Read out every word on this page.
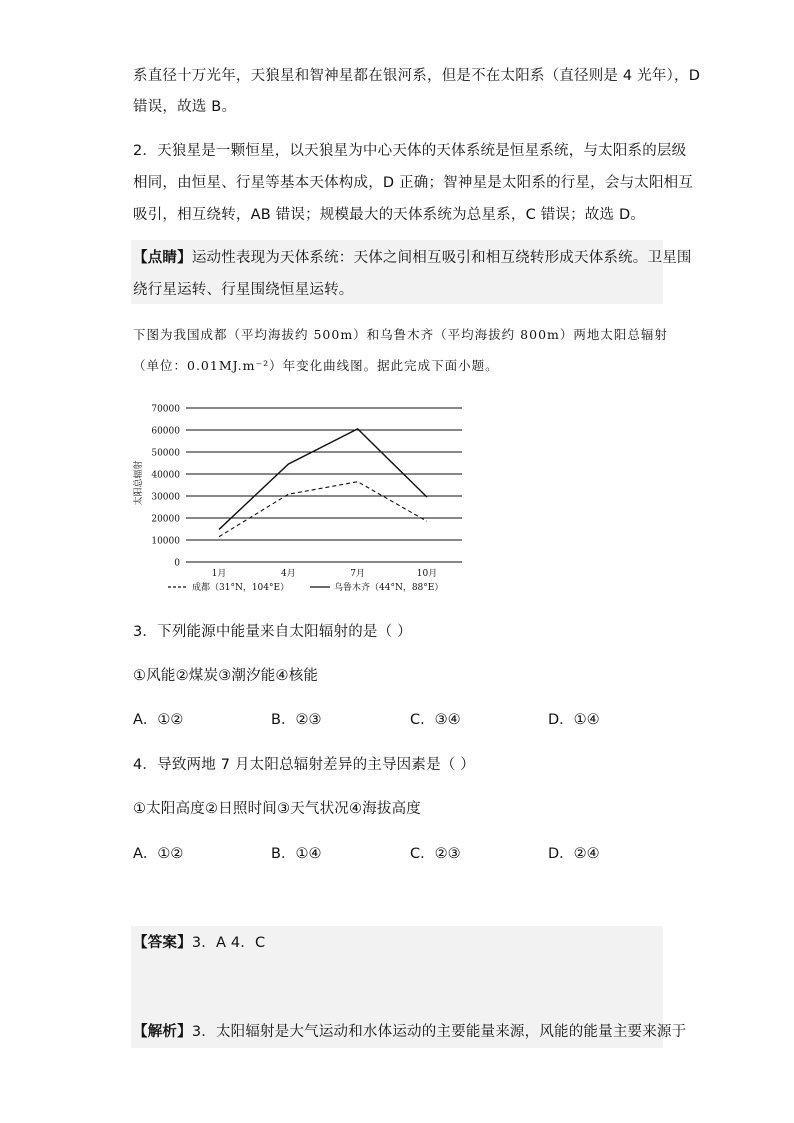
系直径十万光年，天狼星和智神星都在银河系，但是不在太阳系（直径则是 4 光年），D
错误，故选 B。
2．天狼星是一颗恒星，以天狼星为中心天体的天体系统是恒星系统，与太阳系的层级
相同，由恒星、行星等基本天体构成，D 正确；智神星是太阳系的行星，会与太阳相互
吸引，相互绕转，AB 错误；规模最大的天体系统为总星系，C 错误；故选 D。
【点睛】运动性表现为天体系统：天体之间相互吸引和相互绕转形成天体系统。卫星围
绕行星运转、行星围绕恒星运转。
下图为我国成都（平均海拔约 500m）和乌鲁木齐（平均海拔约 800m）两地太阳总辐射
（单位：0.01MJ.m⁻²）年变化曲线图。据此完成下面小题。
70000
60000
50000
40000
30000
20000
10000
0
太阳总辐射
1月	4月	7月	10月
成都（31°N，104°E）	乌鲁木齐（44°N，88°E）
3．下列能源中能量来自太阳辐射的是（ ）
①风能②煤炭③潮汐能④核能
A．①②	B．②③	C．③④	D．①④
4．导致两地 7 月太阳总辐射差异的主导因素是（ ）
①太阳高度②日照时间③天气状况④海拔高度
A．①②	B．①④	C．②③	D．②④
【答案】3．A 4．C
【解析】3．太阳辐射是大气运动和水体运动的主要能量来源，风能的能量主要来源于
